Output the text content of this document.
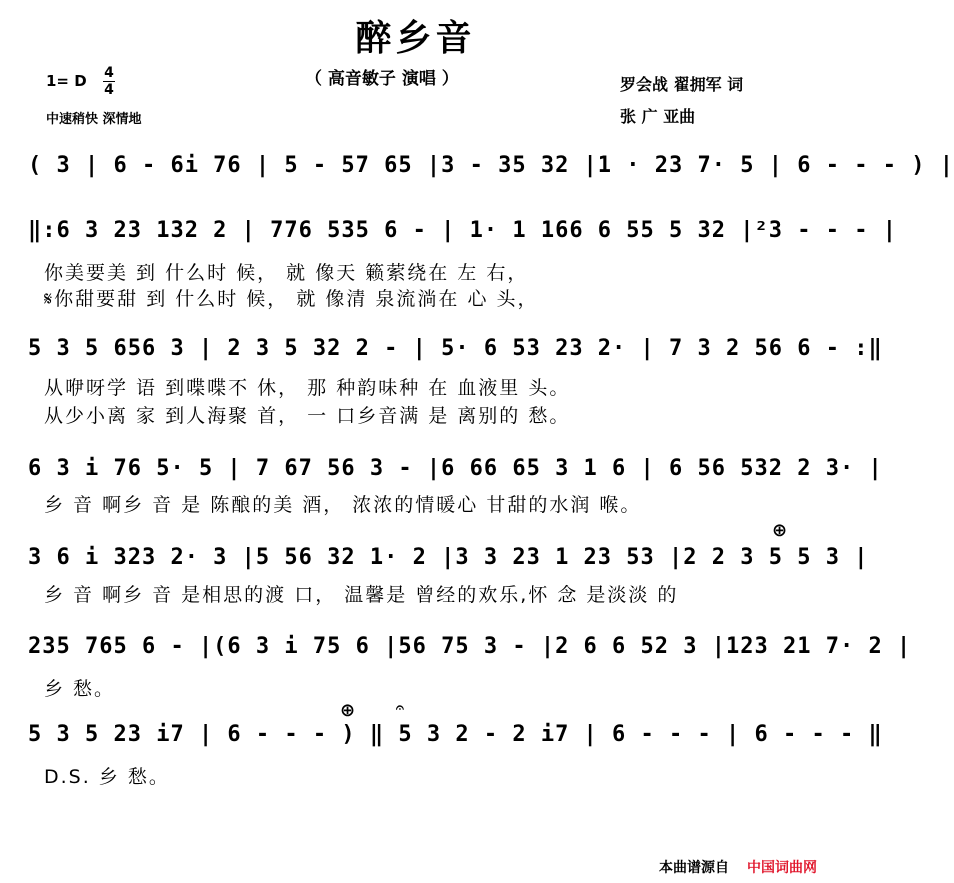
醉乡音
（ 高音敏子 演唱 ）
1= D 4
4
中速稍快 深情地
罗会战 翟拥军 词
张 广 亚曲
( 3 | 6 - 6i 76 | 5 - 57 65 |3 - 35 32 |1 · 23 7· 5 | 6 - - - ) |
‖:6 3 23 132 2 | 776 535 6 - | 1· 1 166 6 55 5 32 |²3 - - - |
你美要美 到 什么时 候， 就 像天 籁萦绕在 左 右，
𝄋你甜要甜 到 什么时 候， 就 像清 泉流淌在 心 头，
5 3 5 656 3 | 2 3 5 32 2 - | 5· 6 53 23 2· | 7 3 2 56 6 - :‖
从咿呀学 语 到喋喋不 休， 那 种韵味种 在 血液里 头。
从少小离 家 到人海聚 首， 一 口乡音满 是 离别的 愁。
6 3 i 76 5· 5 | 7 67 56 3 - |6 66 65 3 1 6 | 6 56 532 2 3· |
乡 音 啊乡 音 是 陈酿的美 酒， 浓浓的情暖心 甘甜的水润 喉。
⊕
3 6 i 323 2· 3 |5 56 32 1· 2 |3 3 23 1 23 53 |2 2 3 5 5 3 |
乡 音 啊乡 音 是相思的渡 口， 温馨是 曾经的欢乐,怀 念 是淡淡 的
235 765 6 - |(6 3 i 75 6 |56 75 3 - |2 6 6 52 3 |123 21 7· 2 |
乡 愁。
⊕	𝄐
5 3 5 23 i7 | 6 - - - ) ‖ 5 3 2 - 2 i7 | 6 - - - | 6 - - - ‖
D.S. 乡 愁。
本曲谱源自 中国词曲网
